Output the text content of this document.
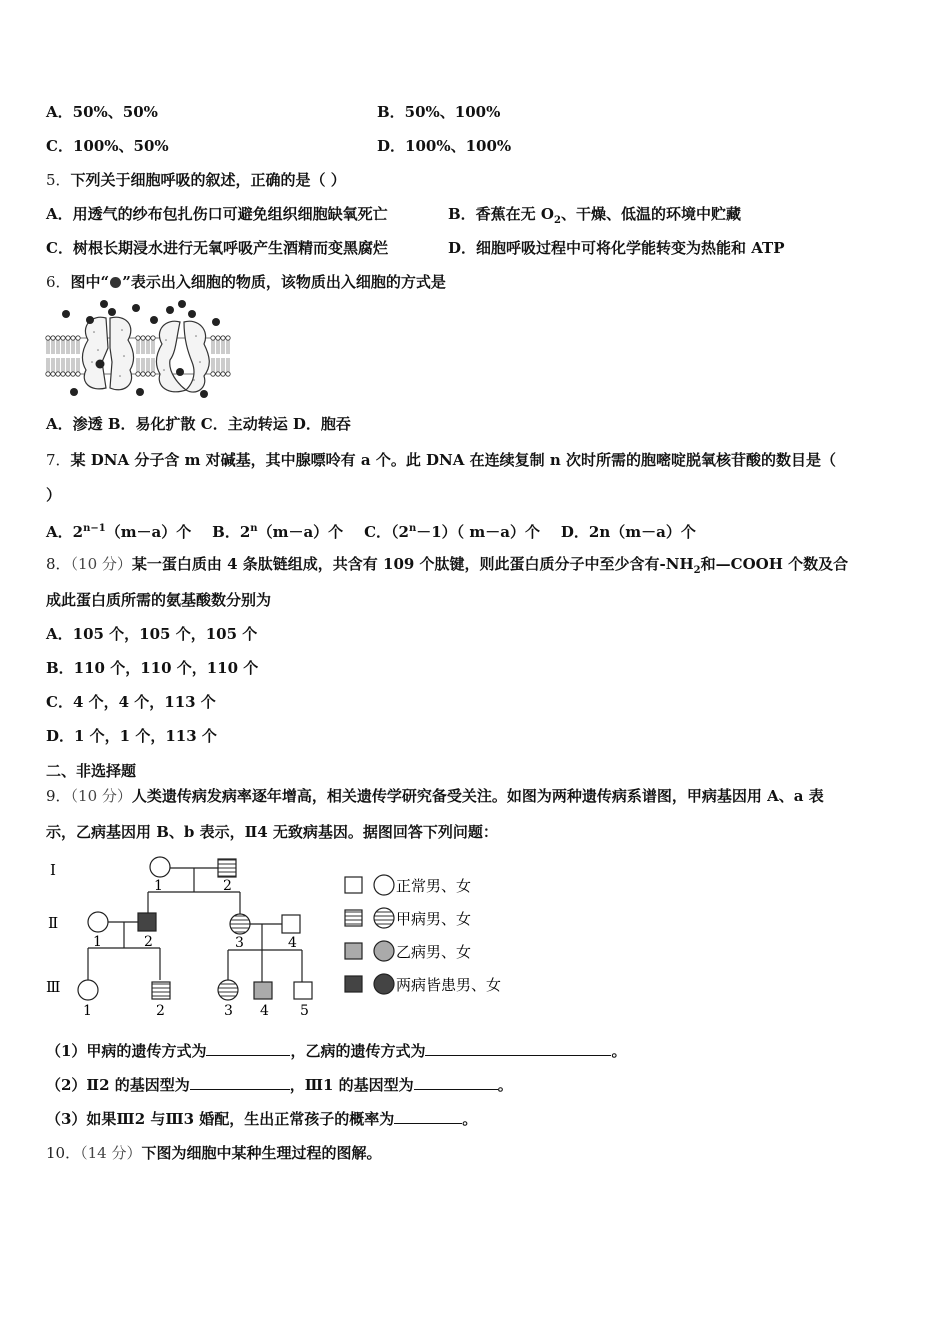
A．50%、50%	B．50%、100%
C．100%、50%	D．100%、100%
5．下列关于细胞呼吸的叙述，正确的是（ ）
A．用透气的纱布包扎伤口可避免组织细胞缺氧死亡	B．香蕉在无 $O_2$、干燥、低温的环境中贮藏
C．树根长期浸水进行无氧呼吸产生酒精而变黑腐烂	D．细胞呼吸过程中可将化学能转变为热能和 ATP
6．图中“ ”表示出入细胞的物质，该物质出入细胞的方式是
A．渗透 B．易化扩散 C．主动转运 D．胞吞
7．某 DNA 分子含 m 对碱基，其中腺嘌呤有 a 个。此 DNA 在连续复制 n 次时所需的胞嘧啶脱氧核苷酸的数目是（
）
A．$2^{n-1}(m-a)$个 B．$2^n(m-a)$个 C．$(2^n-1)$（ m－a）个 D．2n（m－a）个
8．（10 分）某一蛋白质由 4 条肽链组成，共含有 109 个肽键，则此蛋白质分子中至少含有$-NH_2$和—COOH 个数及合
成此蛋白质所需的氨基酸数分别为
A．105 个，105 个，105 个
B．110 个，110 个，110 个
C．4 个，4 个，113 个
D．1 个，1 个，113 个
二、非选择题
9．（10 分）人类遗传病发病率逐年增高，相关遗传学研究备受关注。如图为两种遗传病系谱图，甲病基因用 A、a 表
示，乙病基因用 B、b 表示，Ⅱ4 无致病基因。据图回答下列问题：
Ⅰ
Ⅱ
Ⅲ
1	2
1	2	3	4
1	2	3 4 5
正常男、女
甲病男、女
乙病男、女
两病皆患男、女
（1）甲病的遗传方式为	，乙病的遗传方式为	。
（2）Ⅱ2 的基因型为	，Ⅲ1 的基因型为	。
（3）如果Ⅲ2 与Ⅲ3 婚配，生出正常孩子的概率为	。
10．（14 分）下图为细胞中某种生理过程的图解。
